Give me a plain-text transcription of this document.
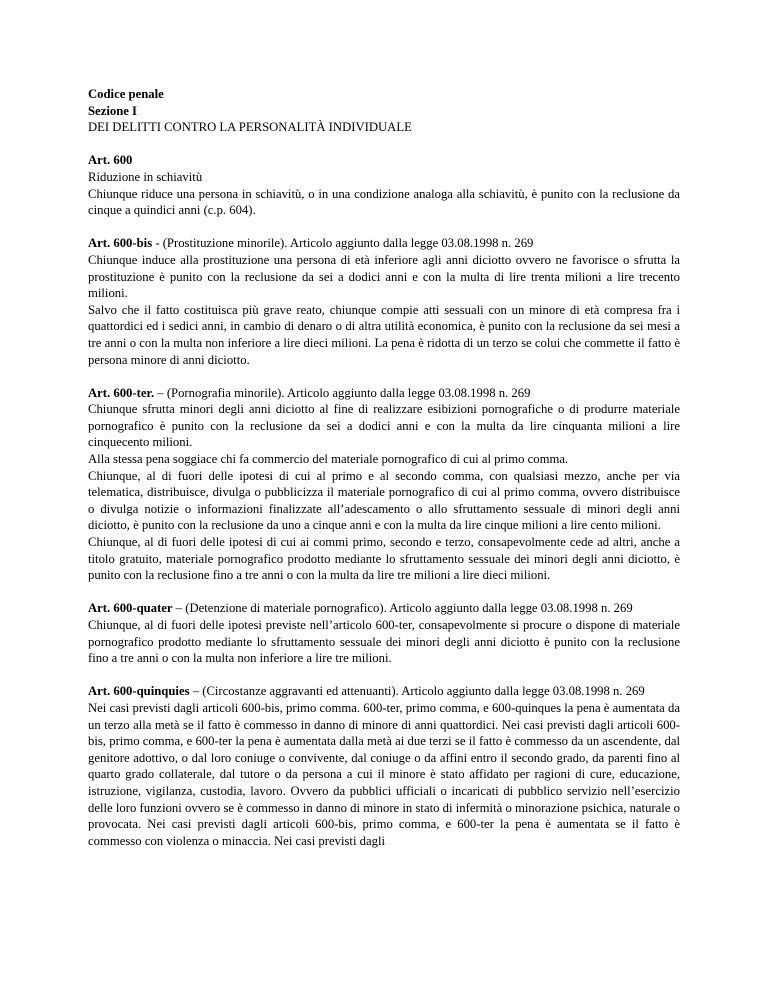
Codice penale
Sezione I
DEI DELITTI CONTRO LA PERSONALITÀ INDIVIDUALE
Art. 600
Riduzione in schiavitù
Chiunque riduce una persona in schiavitù, o in una condizione analoga alla schiavitù, è punito con la reclusione da cinque a quindici anni (c.p. 604).
Art. 600-bis - (Prostituzione minorile). Articolo aggiunto dalla legge 03.08.1998 n. 269
Chiunque induce alla prostituzione una persona di età inferiore agli anni diciotto ovvero ne favorisce o sfrutta la prostituzione è punito con la reclusione da sei a dodici anni e con la multa di lire trenta milioni a lire trecento milioni.
Salvo che il fatto costituisca più grave reato, chiunque compie atti sessuali con un minore di età compresa fra i quattordici ed i sedici anni, in cambio di denaro o di altra utilità economica, è punito con la reclusione da sei mesi a tre anni o con la multa non inferiore a lire dieci milioni. La pena è ridotta di un terzo se colui che commette il fatto è persona minore di anni diciotto.
Art. 600-ter. – (Pornografia minorile). Articolo aggiunto dalla legge 03.08.1998 n. 269
Chiunque sfrutta minori degli anni diciotto al fine di realizzare esibizioni pornografiche o di produrre materiale pornografico è punito con la reclusione da sei a dodici anni e con la multa da lire cinquanta milioni a lire cinquecento milioni.
Alla stessa pena soggiace chi fa commercio del materiale pornografico di cui al primo comma.
Chiunque, al di fuori delle ipotesi di cui al primo e al secondo comma, con qualsiasi mezzo, anche per via telematica, distribuisce, divulga o pubblicizza il materiale pornografico di cui al primo comma, ovvero distribuisce o divulga notizie o informazioni finalizzate all’adescamento o allo sfruttamento sessuale di minori degli anni diciotto, è punito con la reclusione da uno a cinque anni e con la multa da lire cinque milioni a lire cento milioni.
Chiunque, al di fuori delle ipotesi di cui ai commi primo, secondo e terzo, consapevolmente cede ad altri, anche a titolo gratuito, materiale pornografico prodotto mediante lo sfruttamento sessuale dei minori degli anni diciotto, è punito con la reclusione fino a tre anni o con la multa da lire tre milioni a lire dieci milioni.
Art. 600-quater – (Detenzione di materiale pornografico). Articolo aggiunto dalla legge 03.08.1998 n. 269
Chiunque, al di fuori delle ipotesi previste nell’articolo 600-ter, consapevolmente si procure o dispone di materiale pornografico prodotto mediante lo sfruttamento sessuale dei minori degli anni diciotto è punito con la reclusione fino a tre anni o con la multa non inferiore a lire tre milioni.
Art. 600-quinquies – (Circostanze aggravanti ed attenuanti). Articolo aggiunto dalla legge 03.08.1998 n. 269
Nei casi previsti dagli articoli 600-bis, primo comma. 600-ter, primo comma, e 600-quinques la pena è aumentata da un terzo alla metà se il fatto è commesso in danno di minore di anni quattordici. Nei casi previsti dagli articoli 600-bis, primo comma, e 600-ter la pena è aumentata dalla metà ai due terzi se il fatto è commesso da un ascendente, dal genitore adottivo, o dal loro coniuge o convivente, dal coniuge o da affini entro il secondo grado, da parenti fino al quarto grado collaterale, dal tutore o da persona a cui il minore è stato affidato per ragioni di cure, educazione, istruzione, vigilanza, custodia, lavoro. Ovvero da pubblici ufficiali o incaricati di pubblico servizio nell’esercizio delle loro funzioni ovvero se è commesso in danno di minore in stato di infermità o minorazione psichica, naturale o provocata. Nei casi previsti dagli articoli 600-bis, primo comma, e 600-ter la pena è aumentata se il fatto è commesso con violenza o minaccia. Nei casi previsti dagli
